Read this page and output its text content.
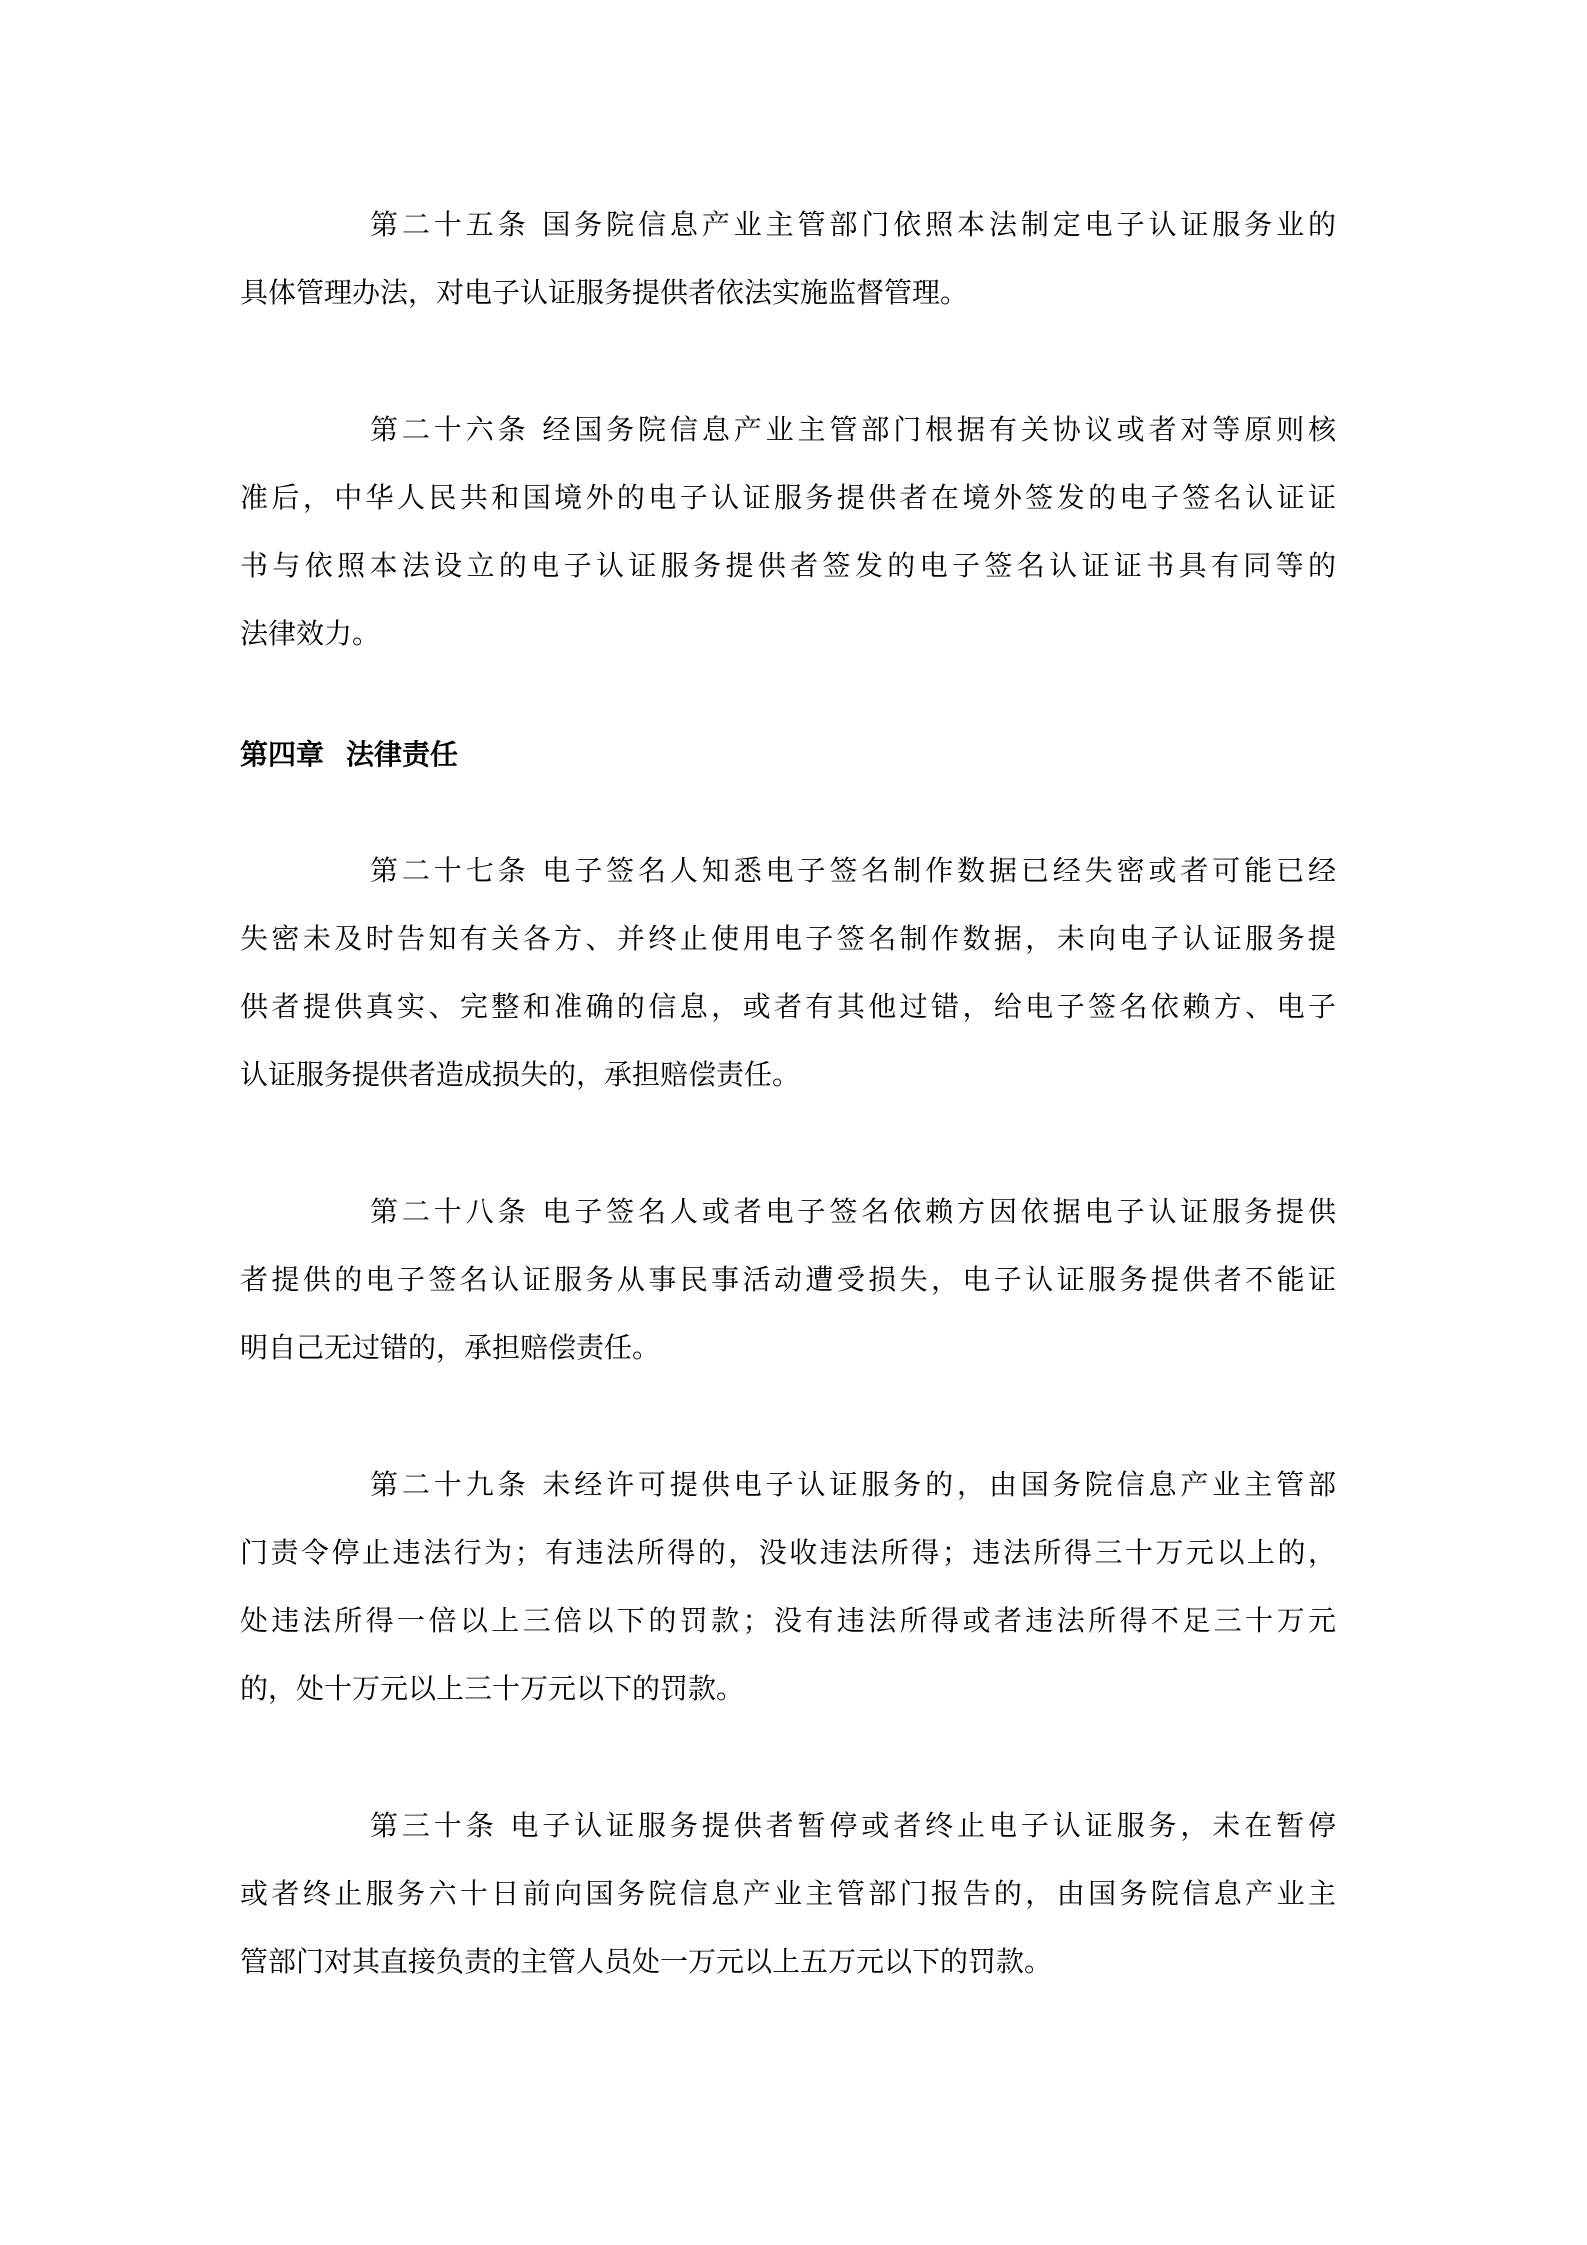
第二十五条 国务院信息产业主管部门依照本法制定电子认证服务业的
具体管理办法，对电子认证服务提供者依法实施监督管理。
第二十六条 经国务院信息产业主管部门根据有关协议或者对等原则核
准后，中华人民共和国境外的电子认证服务提供者在境外签发的电子签名认证证
书与依照本法设立的电子认证服务提供者签发的电子签名认证证书具有同等的
法律效力。
第四章 法律责任
第二十七条 电子签名人知悉电子签名制作数据已经失密或者可能已经
失密未及时告知有关各方、并终止使用电子签名制作数据，未向电子认证服务提
供者提供真实、完整和准确的信息，或者有其他过错，给电子签名依赖方、电子
认证服务提供者造成损失的，承担赔偿责任。
第二十八条 电子签名人或者电子签名依赖方因依据电子认证服务提供
者提供的电子签名认证服务从事民事活动遭受损失，电子认证服务提供者不能证
明自己无过错的，承担赔偿责任。
第二十九条 未经许可提供电子认证服务的，由国务院信息产业主管部
门责令停止违法行为；有违法所得的，没收违法所得；违法所得三十万元以上的，
处违法所得一倍以上三倍以下的罚款；没有违法所得或者违法所得不足三十万元
的，处十万元以上三十万元以下的罚款。
第三十条 电子认证服务提供者暂停或者终止电子认证服务，未在暂停
或者终止服务六十日前向国务院信息产业主管部门报告的，由国务院信息产业主
管部门对其直接负责的主管人员处一万元以上五万元以下的罚款。
